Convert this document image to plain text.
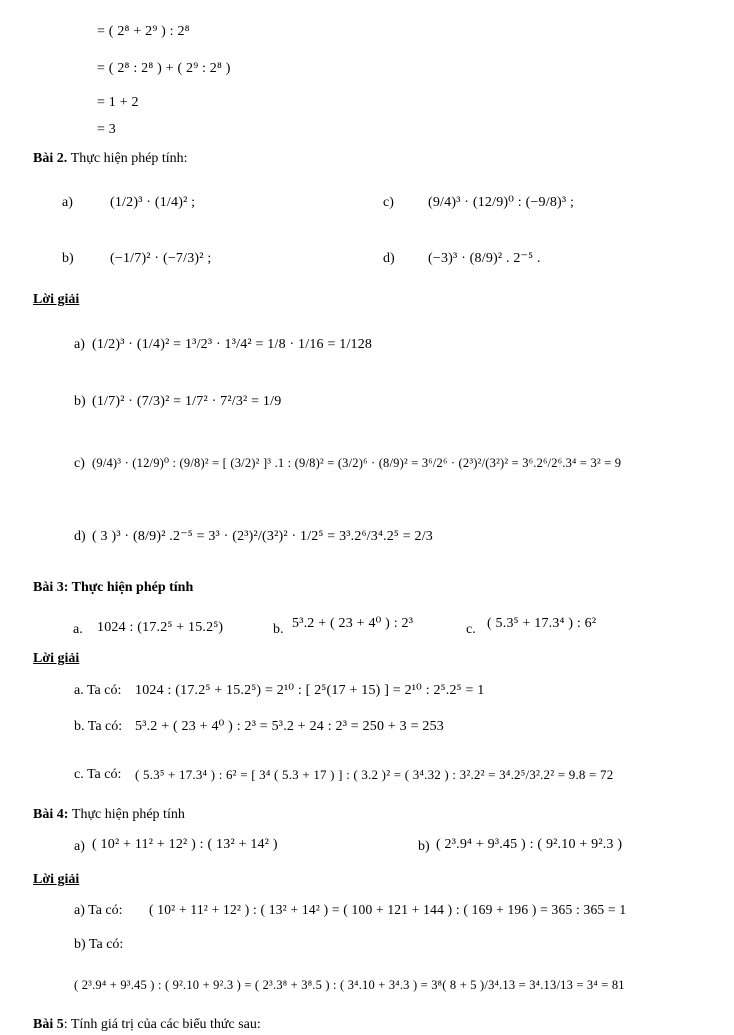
= ( 2⁸ + 2⁹ ) : 2⁸
= ( 2⁸ : 2⁸ ) + ( 2⁹ : 2⁸ )
= 1 + 2
= 3
Bài 2. Thực hiện phép tính:
a)	(1/2)³ · (1/4)² ;	c) (9/4)³ · (12/9)⁰ : (−9/8)³ ;
b)	(−1/7)² · (−7/3)² ;	d) (−3)³ · (8/9)² . 2⁻⁵ .
Lời giải
a) (1/2)³ · (1/4)² = 1³/2³ · 1³/4² = 1/8 · 1/16 = 1/128
b) (1/7)² · (7/3)² = 1/7² · 7²/3² = 1/9
c) (9/4)³ · (12/9)⁰ : (9/8)² = [ (3/2)² ]³ .1 : (9/8)² = (3/2)⁶ · (8/9)² = 3⁶/2⁶ · (2³)²/(3²)² = 3⁶.2⁶/2⁶.3⁴ = 3² = 9
d) ( 3 )³ · (8/9)² .2⁻⁵ = 3³ · (2³)²/(3²)² · 1/2⁵ = 3³.2⁶/3⁴.2⁵ = 2/3
Bài 3: Thực hiện phép tính
a. 1024 : (17.2⁵ + 15.2⁵)	b. 5³.2 + ( 23 + 4⁰ ) : 2³	c. ( 5.3⁵ + 17.3⁴ ) : 6²
Lời giải
a. Ta có: 1024 : (17.2⁵ + 15.2⁵) = 2¹⁰ : [ 2⁵(17 + 15) ] = 2¹⁰ : 2⁵.2⁵ = 1
b. Ta có: 5³.2 + ( 23 + 4⁰ ) : 2³ = 5³.2 + 24 : 2³ = 250 + 3 = 253
c. Ta có: ( 5.3⁵ + 17.3⁴ ) : 6² = [ 3⁴ ( 5.3 + 17 ) ] : ( 3.2 )² = ( 3⁴.32 ) : 3².2² = 3⁴.2⁵/3².2² = 9.8 = 72
Bài 4: Thực hiện phép tính
a) ( 10² + 11² + 12² ) : ( 13² + 14² )	b) ( 2³.9⁴ + 9³.45 ) : ( 9².10 + 9².3 )
Lời giải
a) Ta có: ( 10² + 11² + 12² ) : ( 13² + 14² ) = ( 100 + 121 + 144 ) : ( 169 + 196 ) = 365 : 365 = 1
b) Ta có:
( 2³.9⁴ + 9³.45 ) : ( 9².10 + 9².3 ) = ( 2³.3⁸ + 3⁸.5 ) : ( 3⁴.10 + 3⁴.3 ) = 3⁸( 8 + 5 )/3⁴.13 = 3⁴.13/13 = 3⁴ = 81
Bài 5: Tính giá trị của các biểu thức sau:
